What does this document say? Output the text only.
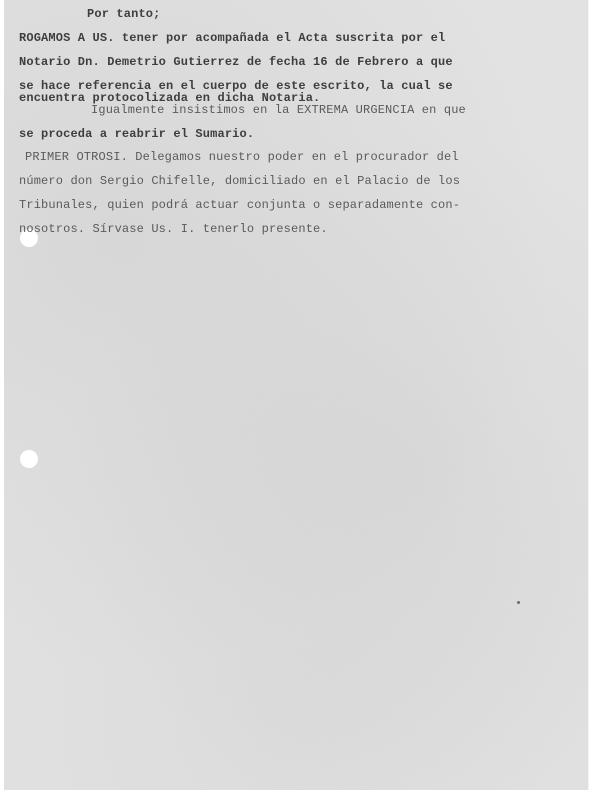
Por tanto;
ROGAMOS A US. tener por acompañada el Acta suscrita por el
Notario Dn. Demetrio Gutierrez de fecha 16 de Febrero a que
se hace referencia en el cuerpo de este escrito, la cual se
encuentra protocolizada en dicha Notaria.
Igualmente insistimos en la EXTREMA URGENCIA en que
se proceda a reabrir el Sumario.
PRIMER OTROSI. Delegamos nuestro poder en el procurador del
número don Sergio Chifelle, domiciliado en el Palacio de los
Tribunales, quien podrá actuar conjunta o separadamente con-
nosotros. Sírvase Us. I. tenerlo presente.
